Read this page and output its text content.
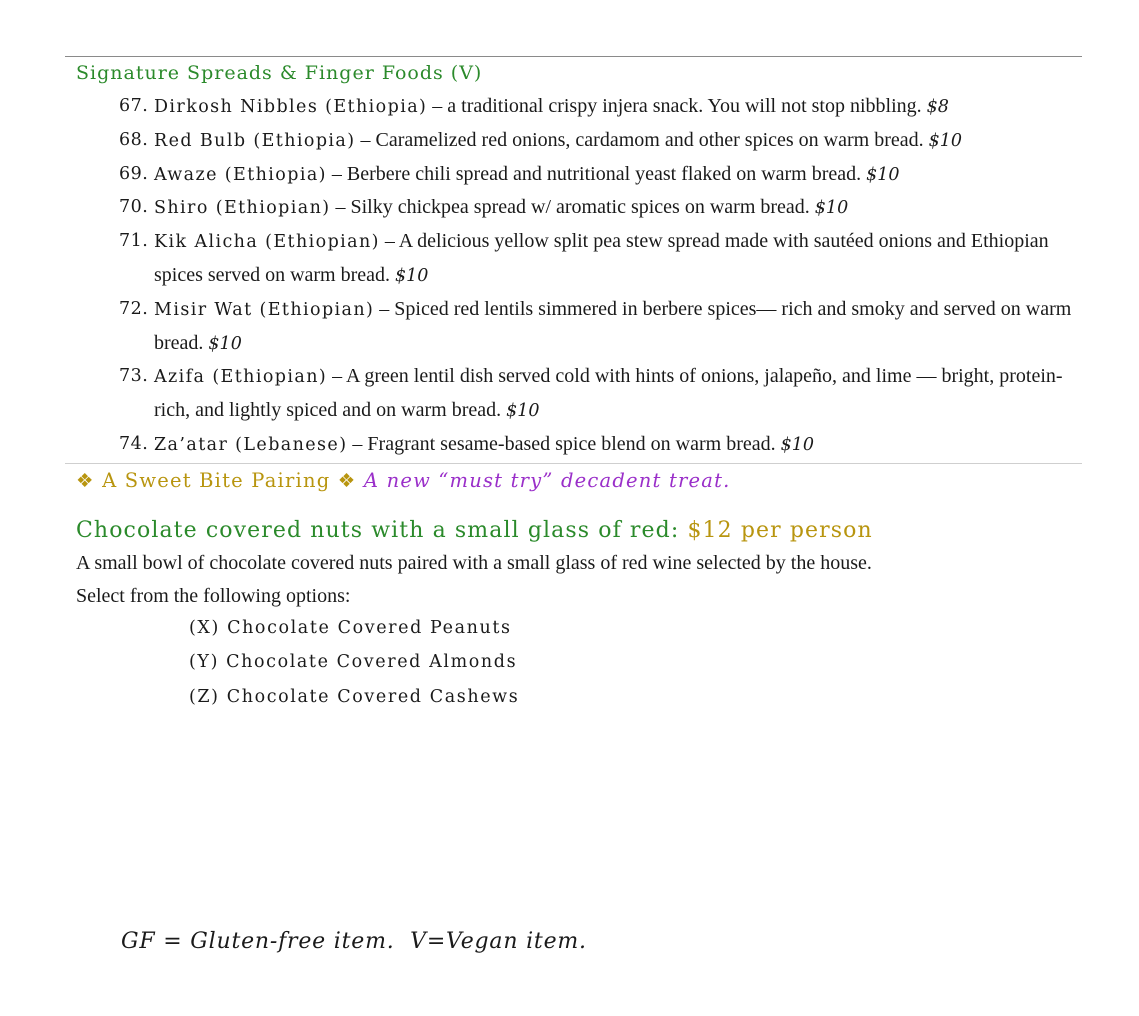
Signature Spreads & Finger Foods (V)
67. Dirkosh Nibbles (Ethiopia) – a traditional crispy injera snack. You will not stop nibbling. $8
68. Red Bulb (Ethiopia) – Caramelized red onions, cardamom and other spices on warm bread. $10
69. Awaze (Ethiopia) – Berbere chili spread and nutritional yeast flaked on warm bread. $10
70. Shiro (Ethiopian) – Silky chickpea spread w/ aromatic spices on warm bread. $10
71. Kik Alicha (Ethiopian) – A delicious yellow split pea stew spread made with sautéed onions and Ethiopian spices served on warm bread. $10
72. Misir Wat (Ethiopian) – Spiced red lentils simmered in berbere spices— rich and smoky and served on warm bread. $10
73. Azifa (Ethiopian) – A green lentil dish served cold with hints of onions, jalapeño, and lime — bright, protein-rich, and lightly spiced and on warm bread. $10
74. Za’atar (Lebanese) – Fragrant sesame-based spice blend on warm bread. $10
❖ A Sweet Bite Pairing ❖ A new “must try” decadent treat.
Chocolate covered nuts with a small glass of red: $12 per person
A small bowl of chocolate covered nuts paired with a small glass of red wine selected by the house.
Select from the following options:
(X) Chocolate Covered Peanuts
(Y) Chocolate Covered Almonds
(Z) Chocolate Covered Cashews
GF = Gluten-free item.  V=Vegan item.
